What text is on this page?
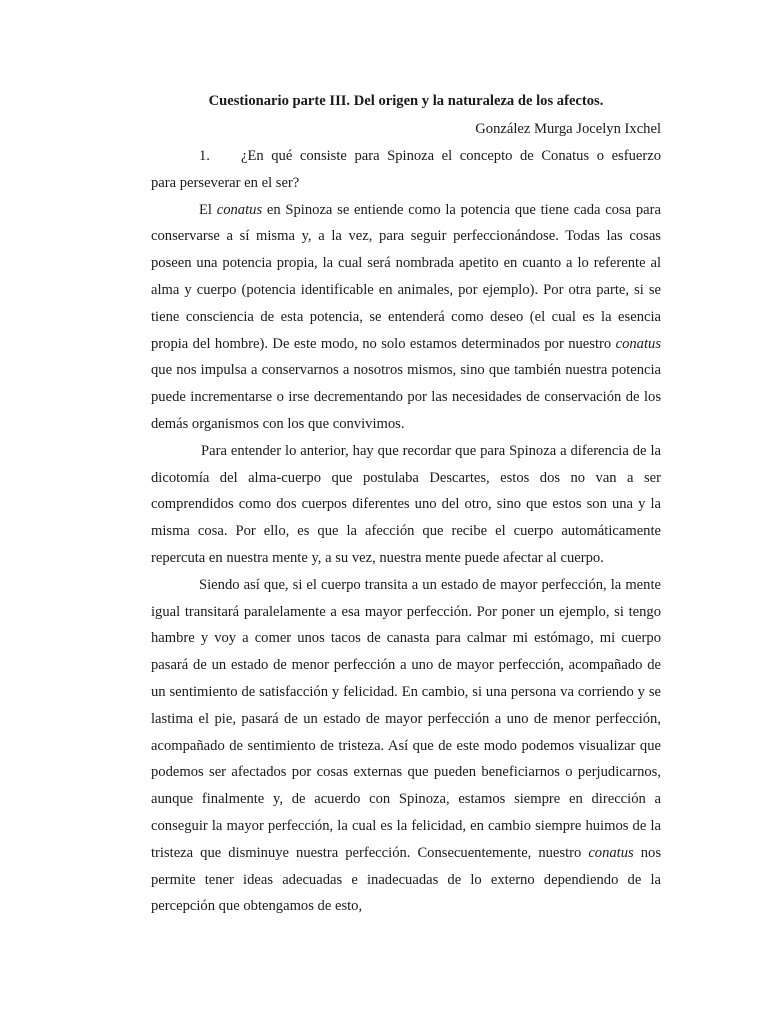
Cuestionario parte III. Del origen y la naturaleza de los afectos.

González Murga Jocelyn Ixchel

1.	¿En qué consiste para Spinoza el concepto de Conatus o esfuerzo
para perseverar en el ser?

El conatus en Spinoza se entiende como la potencia que tiene cada cosa para conservarse a sí misma y, a la vez, para seguir perfeccionándose. Todas las cosas poseen una potencia propia, la cual será nombrada apetito en cuanto a lo referente al alma y cuerpo (potencia identificable en animales, por ejemplo). Por otra parte, si se tiene consciencia de esta potencia, se entenderá como deseo (el cual es la esencia propia del hombre). De este modo, no solo estamos determinados por nuestro conatus que nos impulsa a conservarnos a nosotros mismos, sino que también nuestra potencia puede incrementarse o irse decrementando por las necesidades de conservación de los demás organismos con los que convivimos.

Para entender lo anterior, hay que recordar que para Spinoza a diferencia de la dicotomía del alma-cuerpo que postulaba Descartes, estos dos no van a ser comprendidos como dos cuerpos diferentes uno del otro, sino que estos son una y la misma cosa. Por ello, es que la afección que recibe el cuerpo automáticamente repercuta en nuestra mente y, a su vez, nuestra mente puede afectar al cuerpo.

Siendo así que, si el cuerpo transita a un estado de mayor perfección, la mente igual transitará paralelamente a esa mayor perfección. Por poner un ejemplo, si tengo hambre y voy a comer unos tacos de canasta para calmar mi estómago, mi cuerpo pasará de un estado de menor perfección a uno de mayor perfección, acompañado de un sentimiento de satisfacción y felicidad. En cambio, si una persona va corriendo y se lastima el pie, pasará de un estado de mayor perfección a uno de menor perfección, acompañado de sentimiento de tristeza. Así que de este modo podemos visualizar que podemos ser afectados por cosas externas que pueden beneficiarnos o perjudicarnos, aunque finalmente y, de acuerdo con Spinoza, estamos siempre en dirección a conseguir la mayor perfección, la cual es la felicidad, en cambio siempre huimos de la tristeza que disminuye nuestra perfección. Consecuentemente, nuestro conatus nos permite tener ideas adecuadas e inadecuadas de lo externo dependiendo de la percepción que obtengamos de esto,
